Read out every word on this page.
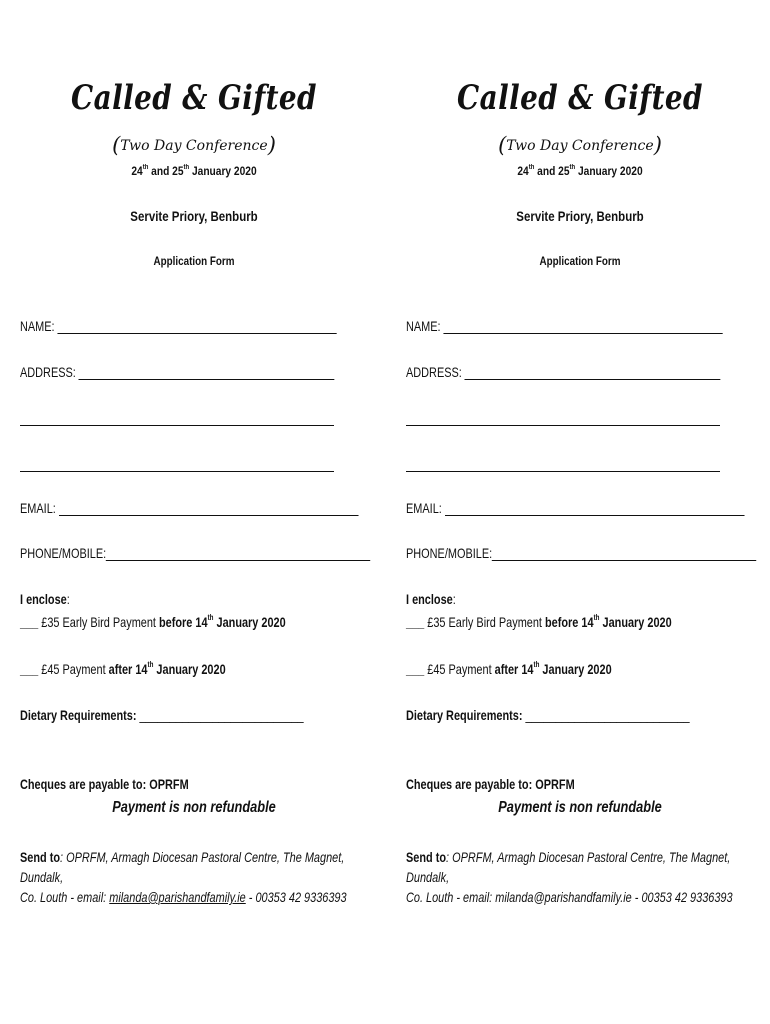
Called & Gifted
(Two Day Conference)
24th and 25th January 2020
Servite Priory, Benburb
Application Form
NAME:
ADDRESS:
EMAIL:
PHONE/MOBILE:
I enclose:
___ £35 Early Bird Payment before 14th January 2020
___ £45 Payment after 14th January 2020
Dietary Requirements: ___________________________
Cheques are payable to: OPRFM
Payment is non refundable
Send to: OPRFM, Armagh Diocesan Pastoral Centre, The Magnet, Dundalk,
Co. Louth - email: milanda@parishandfamily.ie - 00353 42 9336393
Called & Gifted
(Two Day Conference)
24th and 25th January 2020
Servite Priory, Benburb
Application Form
NAME:
ADDRESS:
EMAIL:
PHONE/MOBILE:
I enclose:
___ £35 Early Bird Payment before 14th January 2020
___ £45 Payment after 14th January 2020
Dietary Requirements: ___________________________
Cheques are payable to: OPRFM
Payment is non refundable
Send to: OPRFM, Armagh Diocesan Pastoral Centre, The Magnet, Dundalk,
Co. Louth - email: milanda@parishandfamily.ie - 00353 42 9336393
